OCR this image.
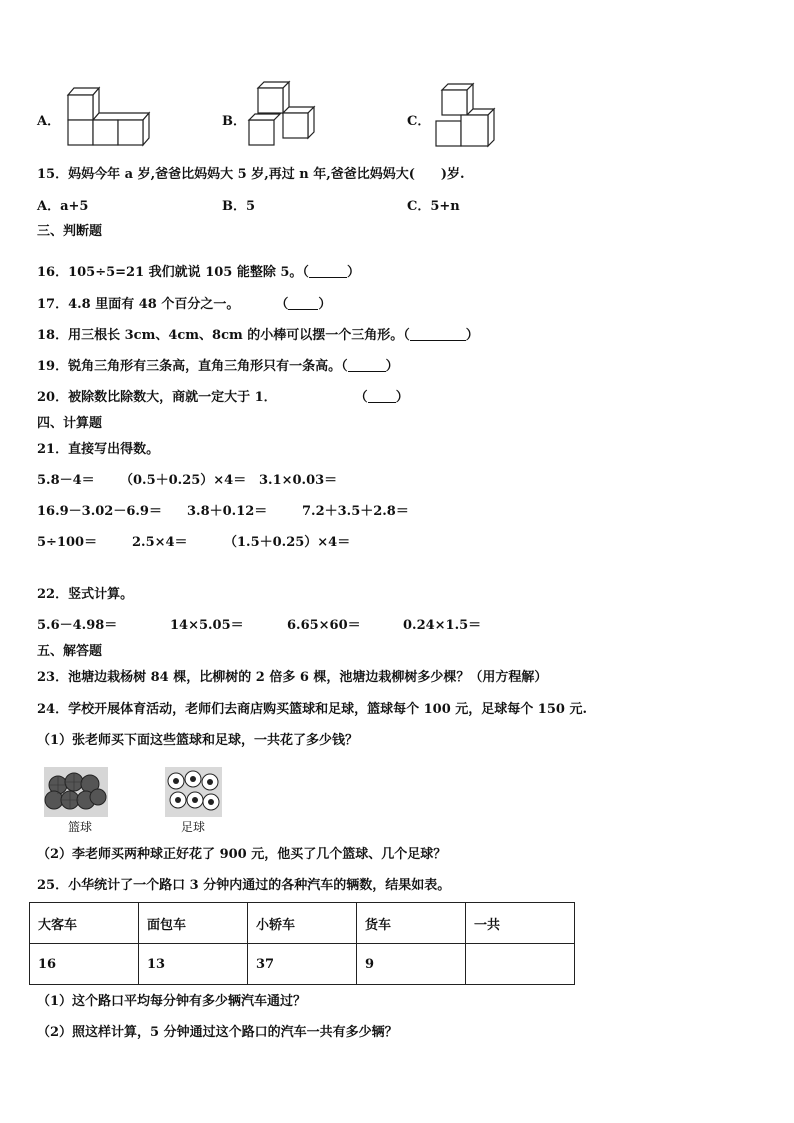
A．	B．	C．
15．妈妈今年 a 岁,爸爸比妈妈大 5 岁,再过 n 年,爸爸比妈妈大(　　)岁.
A．a+5	B．5	C．5+n
三、判断题
16．105÷5=21 我们就说 105 能整除 5。（	）
17．4.8 里面有 48 个百分之一。	（ ）
18．用三根长 3cm、4cm、8cm 的小棒可以摆一个三角形。（	）
19．锐角三角形有三条高，直角三角形只有一条高。（	）
20．被除数比除数大，商就一定大于 1．	（ ）
四、计算题
21．直接写出得数。
5.8－4＝ （0.5＋0.25）×4＝ 3.1×0.03＝
16.9－3.02－6.9＝ 3.8＋0.12＝	7.2＋3.5＋2.8＝
5÷100＝	2.5×4＝	（1.5＋0.25）×4＝
22．竖式计算。
5.6－4.98＝	14×5.05＝	6.65×60＝	0.24×1.5＝
五、解答题
23．池塘边栽杨树 84 棵，比柳树的 2 倍多 6 棵，池塘边栽柳树多少棵？（用方程解）
24．学校开展体育活动，老师们去商店购买篮球和足球，篮球每个 100 元，足球每个 150 元.
（1）张老师买下面这些篮球和足球，一共花了多少钱？
篮球	足球
（2）李老师买两种球正好花了 900 元，他买了几个篮球、几个足球？
25．小华统计了一个路口 3 分钟内通过的各种汽车的辆数，结果如表。
大客车	面包车	小轿车	货车	一共
16	13	37	9	
（1）这个路口平均每分钟有多少辆汽车通过？
（2）照这样计算，5 分钟通过这个路口的汽车一共有多少辆？
